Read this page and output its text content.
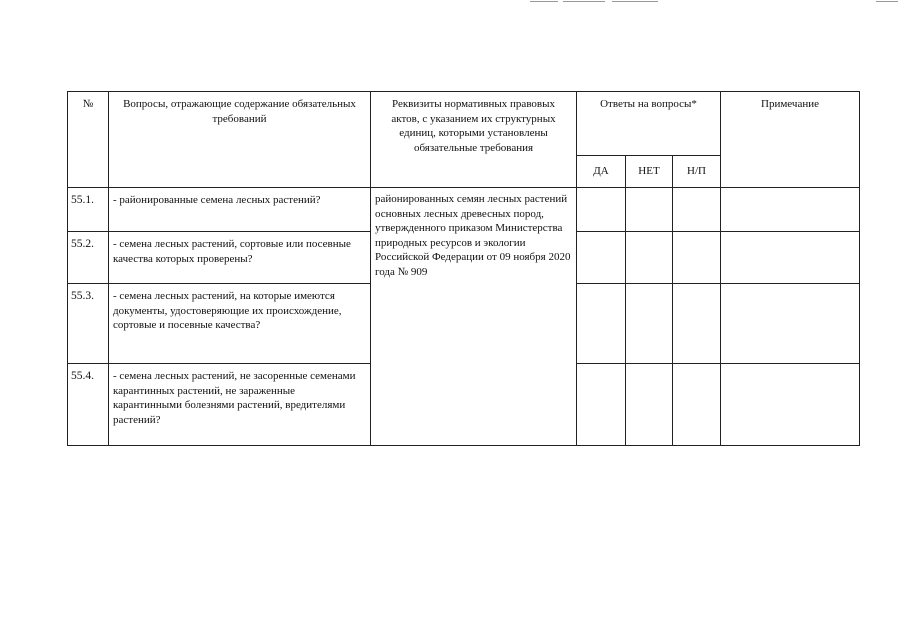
№	Вопросы, отражающие содержание обязательных требований	Реквизиты нормативных правовых актов, с указанием их структурных единиц, которыми установлены обязательные требования	Ответы на вопросы*			Примечание
			ДА	НЕТ	Н/П	
55.1.	- районированные семена лесных растений?	районированных семян лесных растений основных лесных древесных пород, утвержденного приказом Министерства природных ресурсов и экологии Российской Федерации от 09 ноября 2020 года № 909				
55.2.	- семена лесных растений, сортовые или посевные качества которых проверены?					
55.3.	- семена лесных растений, на которые имеются документы, удостоверяющие их происхождение, сортовые и посевные качества?					
55.4.	- семена лесных растений, не засоренные семенами карантинных растений, не зараженные карантинными болезнями растений, вредителями растений?					
